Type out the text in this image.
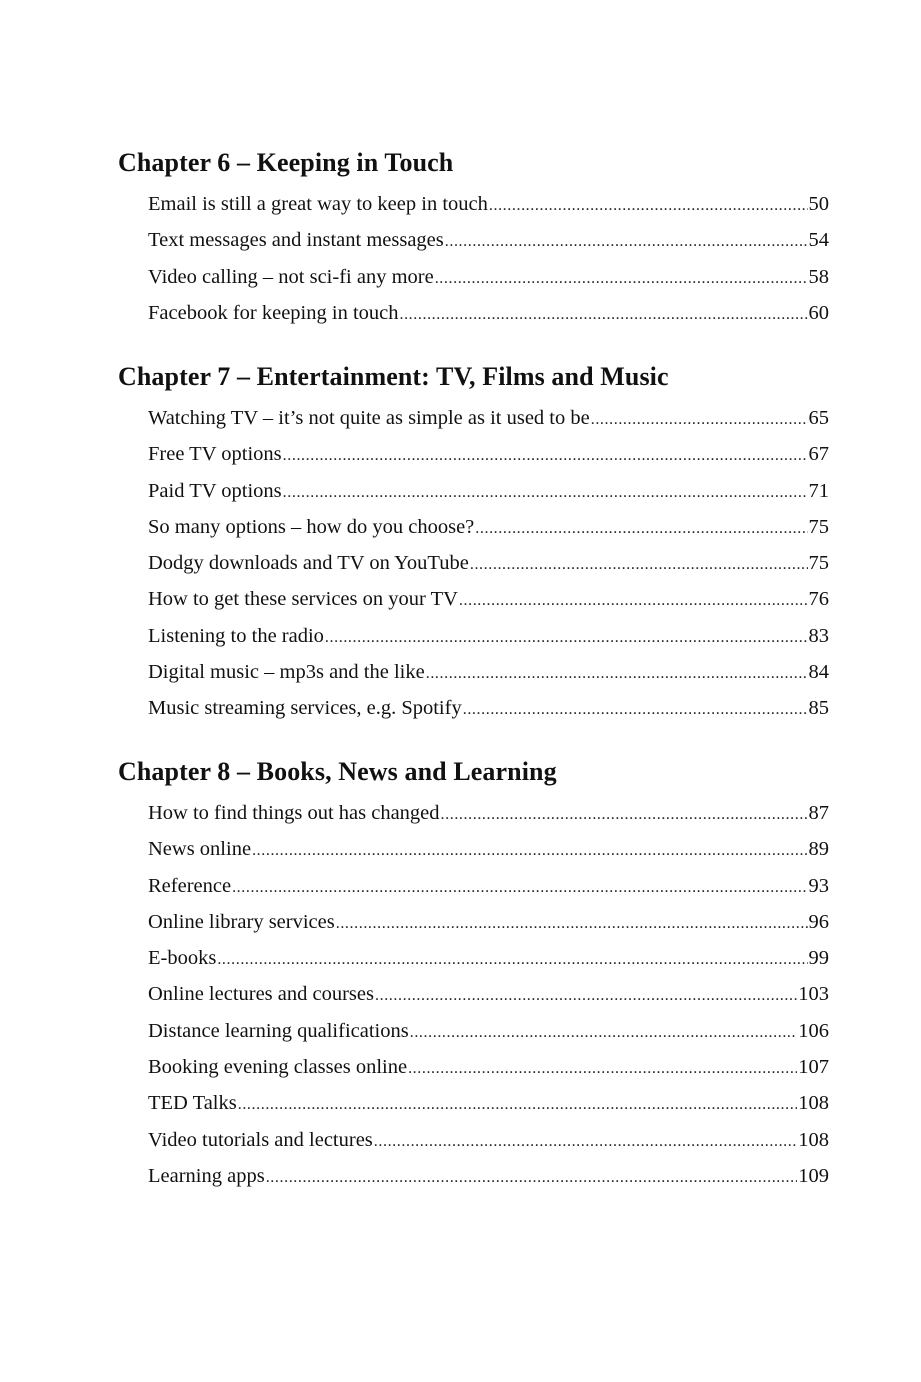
Chapter 6 – Keeping in Touch
Email is still a great way to keep in touch .....	50
Text messages and instant messages .....	54
Video calling – not sci-fi any more .....	58
Facebook for keeping in touch .....	60
Chapter 7 – Entertainment: TV, Films and Music
Watching TV – it’s not quite as simple as it used to be .....	65
Free TV options .....	67
Paid TV options .....	71
So many options – how do you choose? .....	75
Dodgy downloads and TV on YouTube .....	75
How to get these services on your TV .....	76
Listening to the radio .....	83
Digital music – mp3s and the like .....	84
Music streaming services, e.g. Spotify .....	85
Chapter 8 – Books, News and Learning
How to find things out has changed .....	87
News online .....	89
Reference .....	93
Online library services .....	96
E-books .....	99
Online lectures and courses .....	103
Distance learning qualifications .....	106
Booking evening classes online .....	107
TED Talks .....	108
Video tutorials and lectures .....	108
Learning apps .....	109
